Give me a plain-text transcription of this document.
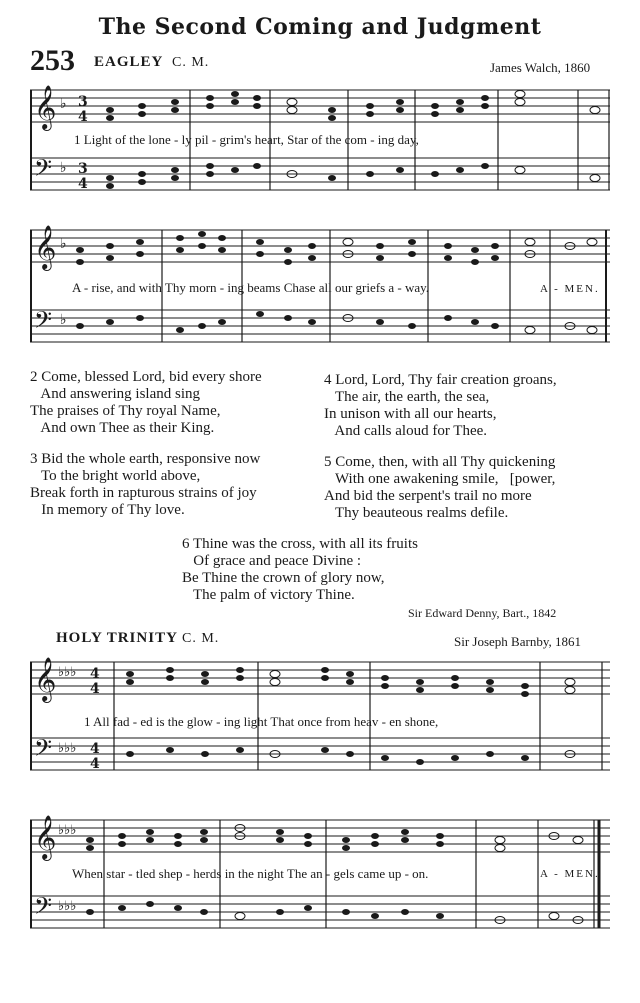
The Second Coming and Judgment
253 EAGLEY C. M.	James Walch, 1860
𝄞
𝄢
♭
♭
3
4
3
4
1 Light of the lone - ly pil - grim's heart, Star of the com - ing day,
𝄞
𝄢
♭
♭
A - rise, and with Thy morn - ing beams Chase all our griefs a - way.	A - MEN.
2 Come, blessed Lord, bid every shore
And answering island sing
The praises of Thy royal Name,
And own Thee as their King.
3 Bid the whole earth, responsive now
To the bright world above,
Break forth in rapturous strains of joy
In memory of Thy love.
4 Lord, Lord, Thy fair creation groans,
The air, the earth, the sea,
In unison with all our hearts,
And calls aloud for Thee.
5 Come, then, with all Thy quickening
With one awakening smile,   [power,
And bid the serpent's trail no more
Thy beauteous realms defile.
6 Thine was the cross, with all its fruits
Of grace and peace Divine :
Be Thine the crown of glory now,
The palm of victory Thine.
Sir Edward Denny, Bart., 1842
HOLY TRINITY C. M.	Sir Joseph Barnby, 1861
𝄞
𝄢
♭♭♭
♭♭♭
4
4
4
4
1 All fad - ed is the glow - ing light That once from heav - en shone,
𝄞
𝄢
♭♭♭
♭♭♭
When star - tled shep - herds in the night The an - gels came up - on.	A - MEN.
